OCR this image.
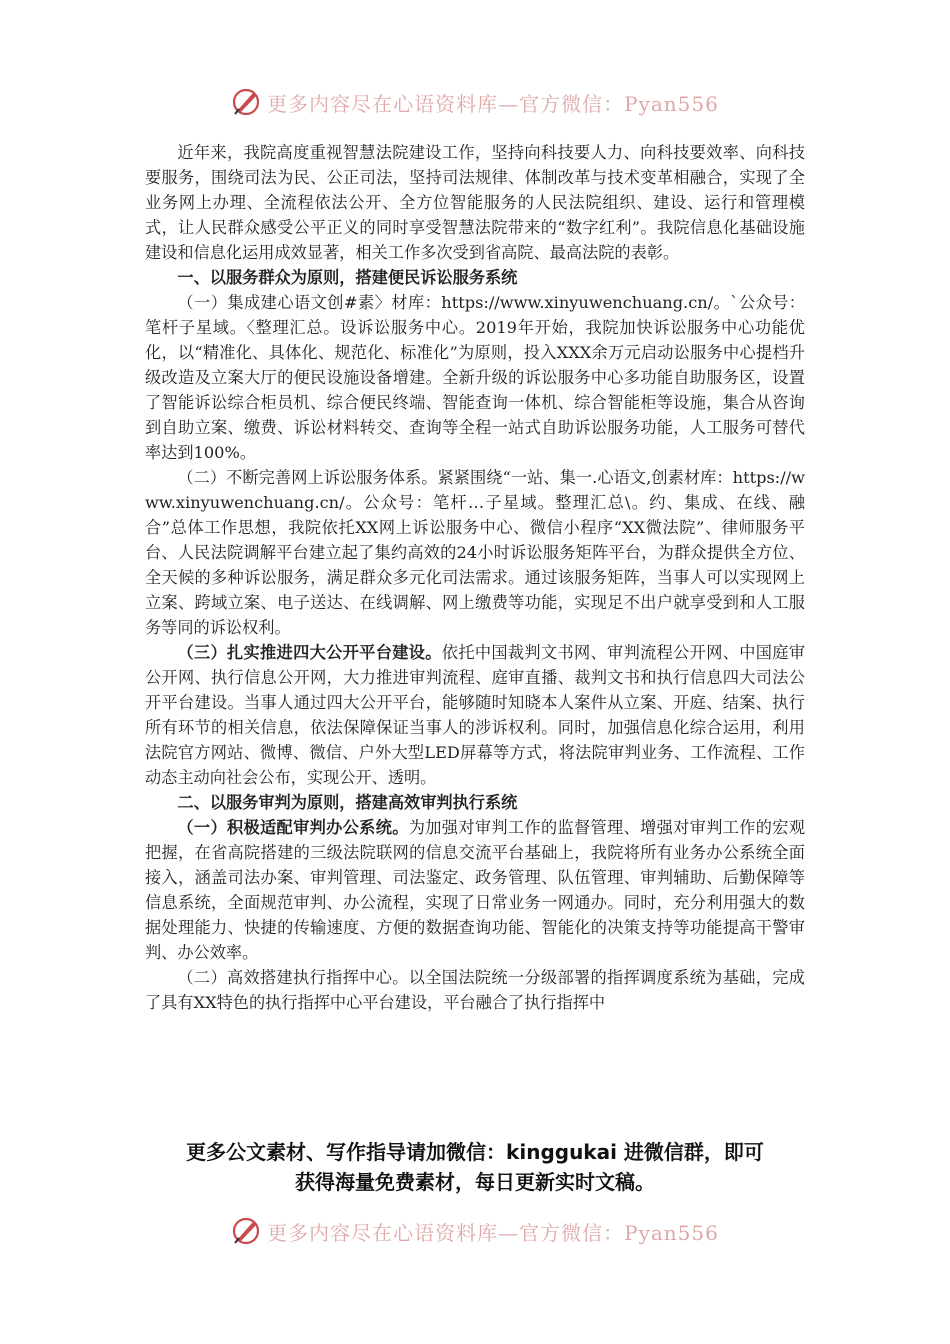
更多内容尽在心语资料库—官方微信：Pyan556

近年来，我院高度重视智慧法院建设工作，坚持向科技要人力、向科技要效率、向科技要服务，围绕司法为民、公正司法，坚持司法规律、体制改革与技术变革相融合，实现了全业务网上办理、全流程依法公开、全方位智能服务的人民法院组织、建设、运行和管理模式，让人民群众感受公平正义的同时享受智慧法院带来的“数字红利”。我院信息化基础设施建设和信息化运用成效显著，相关工作多次受到省高院、最高法院的表彰。

一、以服务群众为原则，搭建便民诉讼服务系统

（一）集成建心语文创#素〉材库：https://www.xinyuwenchuang.cn/。`公众号：笔杆子星域。〈整理汇总。设诉讼服务中心。2019年开始，我院加快诉讼服务中心功能优化，以“精准化、具体化、规范化、标准化”为原则，投入XXX余万元启动讼服务中心提档升级改造及立案大厅的便民设施设备增建。全新升级的诉讼服务中心多功能自助服务区，设置了智能诉讼综合柜员机、综合便民终端、智能查询一体机、综合智能柜等设施，集合从咨询到自助立案、缴费、诉讼材料转交、查询等全程一站式自助诉讼服务功能，人工服务可替代率达到100%。

（二）不断完善网上诉讼服务体系。紧紧围绕“一站、集一.心语文,创素材库：https://www.xinyuwenchuang.cn/。公众号：笔杆…子星域。整理汇总\。约、集成、在线、融合”总体工作思想，我院依托XX网上诉讼服务中心、微信小程序“XX微法院”、律师服务平台、人民法院调解平台建立起了集约高效的24小时诉讼服务矩阵平台，为群众提供全方位、全天候的多种诉讼服务，满足群众多元化司法需求。通过该服务矩阵，当事人可以实现网上立案、跨域立案、电子送达、在线调解、网上缴费等功能，实现足不出户就享受到和人工服务等同的诉讼权利。

（三）扎实推进四大公开平台建设。依托中国裁判文书网、审判流程公开网、中国庭审公开网、执行信息公开网，大力推进审判流程、庭审直播、裁判文书和执行信息四大司法公开平台建设。当事人通过四大公开平台，能够随时知晓本人案件从立案、开庭、结案、执行所有环节的相关信息，依法保障保证当事人的涉诉权利。同时，加强信息化综合运用，利用法院官方网站、微博、微信、户外大型LED屏幕等方式，将法院审判业务、工作流程、工作动态主动向社会公布，实现公开、透明。

二、以服务审判为原则，搭建高效审判执行系统

（一）积极适配审判办公系统。为加强对审判工作的监督管理、增强对审判工作的宏观把握，在省高院搭建的三级法院联网的信息交流平台基础上，我院将所有业务办公系统全面接入，涵盖司法办案、审判管理、司法鉴定、政务管理、队伍管理、审判辅助、后勤保障等信息系统，全面规范审判、办公流程，实现了日常业务一网通办。同时，充分利用强大的数据处理能力、快捷的传输速度、方便的数据查询功能、智能化的决策支持等功能提高干警审判、办公效率。

（二）高效搭建执行指挥中心。以全国法院统一分级部署的指挥调度系统为基础，完成了具有XX特色的执行指挥中心平台建设，平台融合了执行指挥中

更多公文素材、写作指导请加微信：kinggukai 进微信群，即可
获得海量免费素材，每日更新实时文稿。
更多内容尽在心语资料库—官方微信：Pyan556
